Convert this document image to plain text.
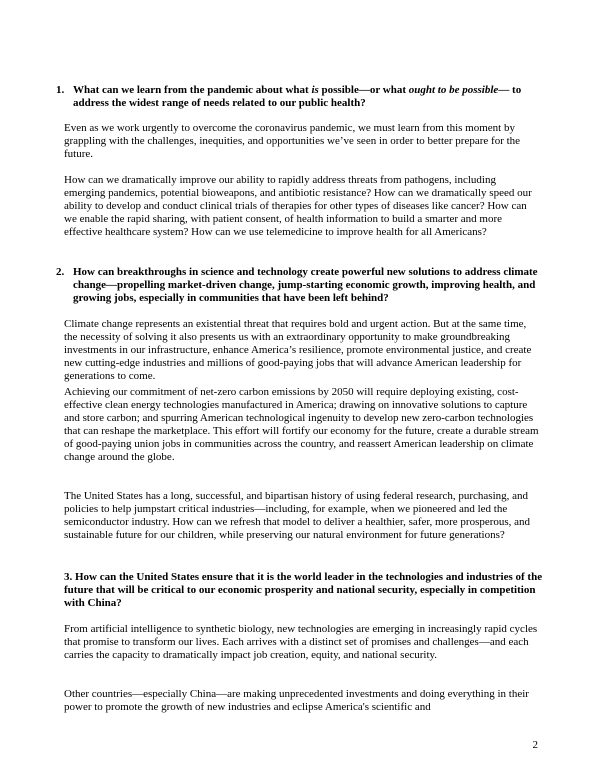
1. What can we learn from the pandemic about what is possible—or what ought to be possible— to address the widest range of needs related to our public health?

Even as we work urgently to overcome the coronavirus pandemic, we must learn from this moment by grappling with the challenges, inequities, and opportunities we’ve seen in order to better prepare for the future.

How can we dramatically improve our ability to rapidly address threats from pathogens, including emerging pandemics, potential bioweapons, and antibiotic resistance? How can we dramatically speed our ability to develop and conduct clinical trials of therapies for other types of diseases like cancer? How can we enable the rapid sharing, with patient consent, of health information to build a smarter and more effective healthcare system? How can we use telemedicine to improve health for all Americans?

2. How can breakthroughs in science and technology create powerful new solutions to address climate change—propelling market-driven change, jump-starting economic growth, improving health, and growing jobs, especially in communities that have been left behind?

Climate change represents an existential threat that requires bold and urgent action. But at the same time, the necessity of solving it also presents us with an extraordinary opportunity to make groundbreaking investments in our infrastructure, enhance America’s resilience, promote environmental justice, and create new cutting-edge industries and millions of good-paying jobs that will advance American leadership for generations to come.

Achieving our commitment of net-zero carbon emissions by 2050 will require deploying existing, cost-effective clean energy technologies manufactured in America; drawing on innovative solutions to capture and store carbon; and spurring American technological ingenuity to develop new zero-carbon technologies that can reshape the marketplace. This effort will fortify our economy for the future, create a durable stream of good-paying union jobs in communities across the country, and reassert American leadership on climate change around the globe.

The United States has a long, successful, and bipartisan history of using federal research, purchasing, and policies to help jumpstart critical industries—including, for example, when we pioneered and led the semiconductor industry. How can we refresh that model to deliver a healthier, safer, more prosperous, and sustainable future for our children, while preserving our natural environment for future generations?

3. How can the United States ensure that it is the world leader in the technologies and industries of the future that will be critical to our economic prosperity and national security, especially in competition with China?

From artificial intelligence to synthetic biology, new technologies are emerging in increasingly rapid cycles that promise to transform our lives. Each arrives with a distinct set of promises and challenges—and each carries the capacity to dramatically impact job creation, equity, and national security.

Other countries—especially China—are making unprecedented investments and doing everything in their power to promote the growth of new industries and eclipse America's scientific and

2
